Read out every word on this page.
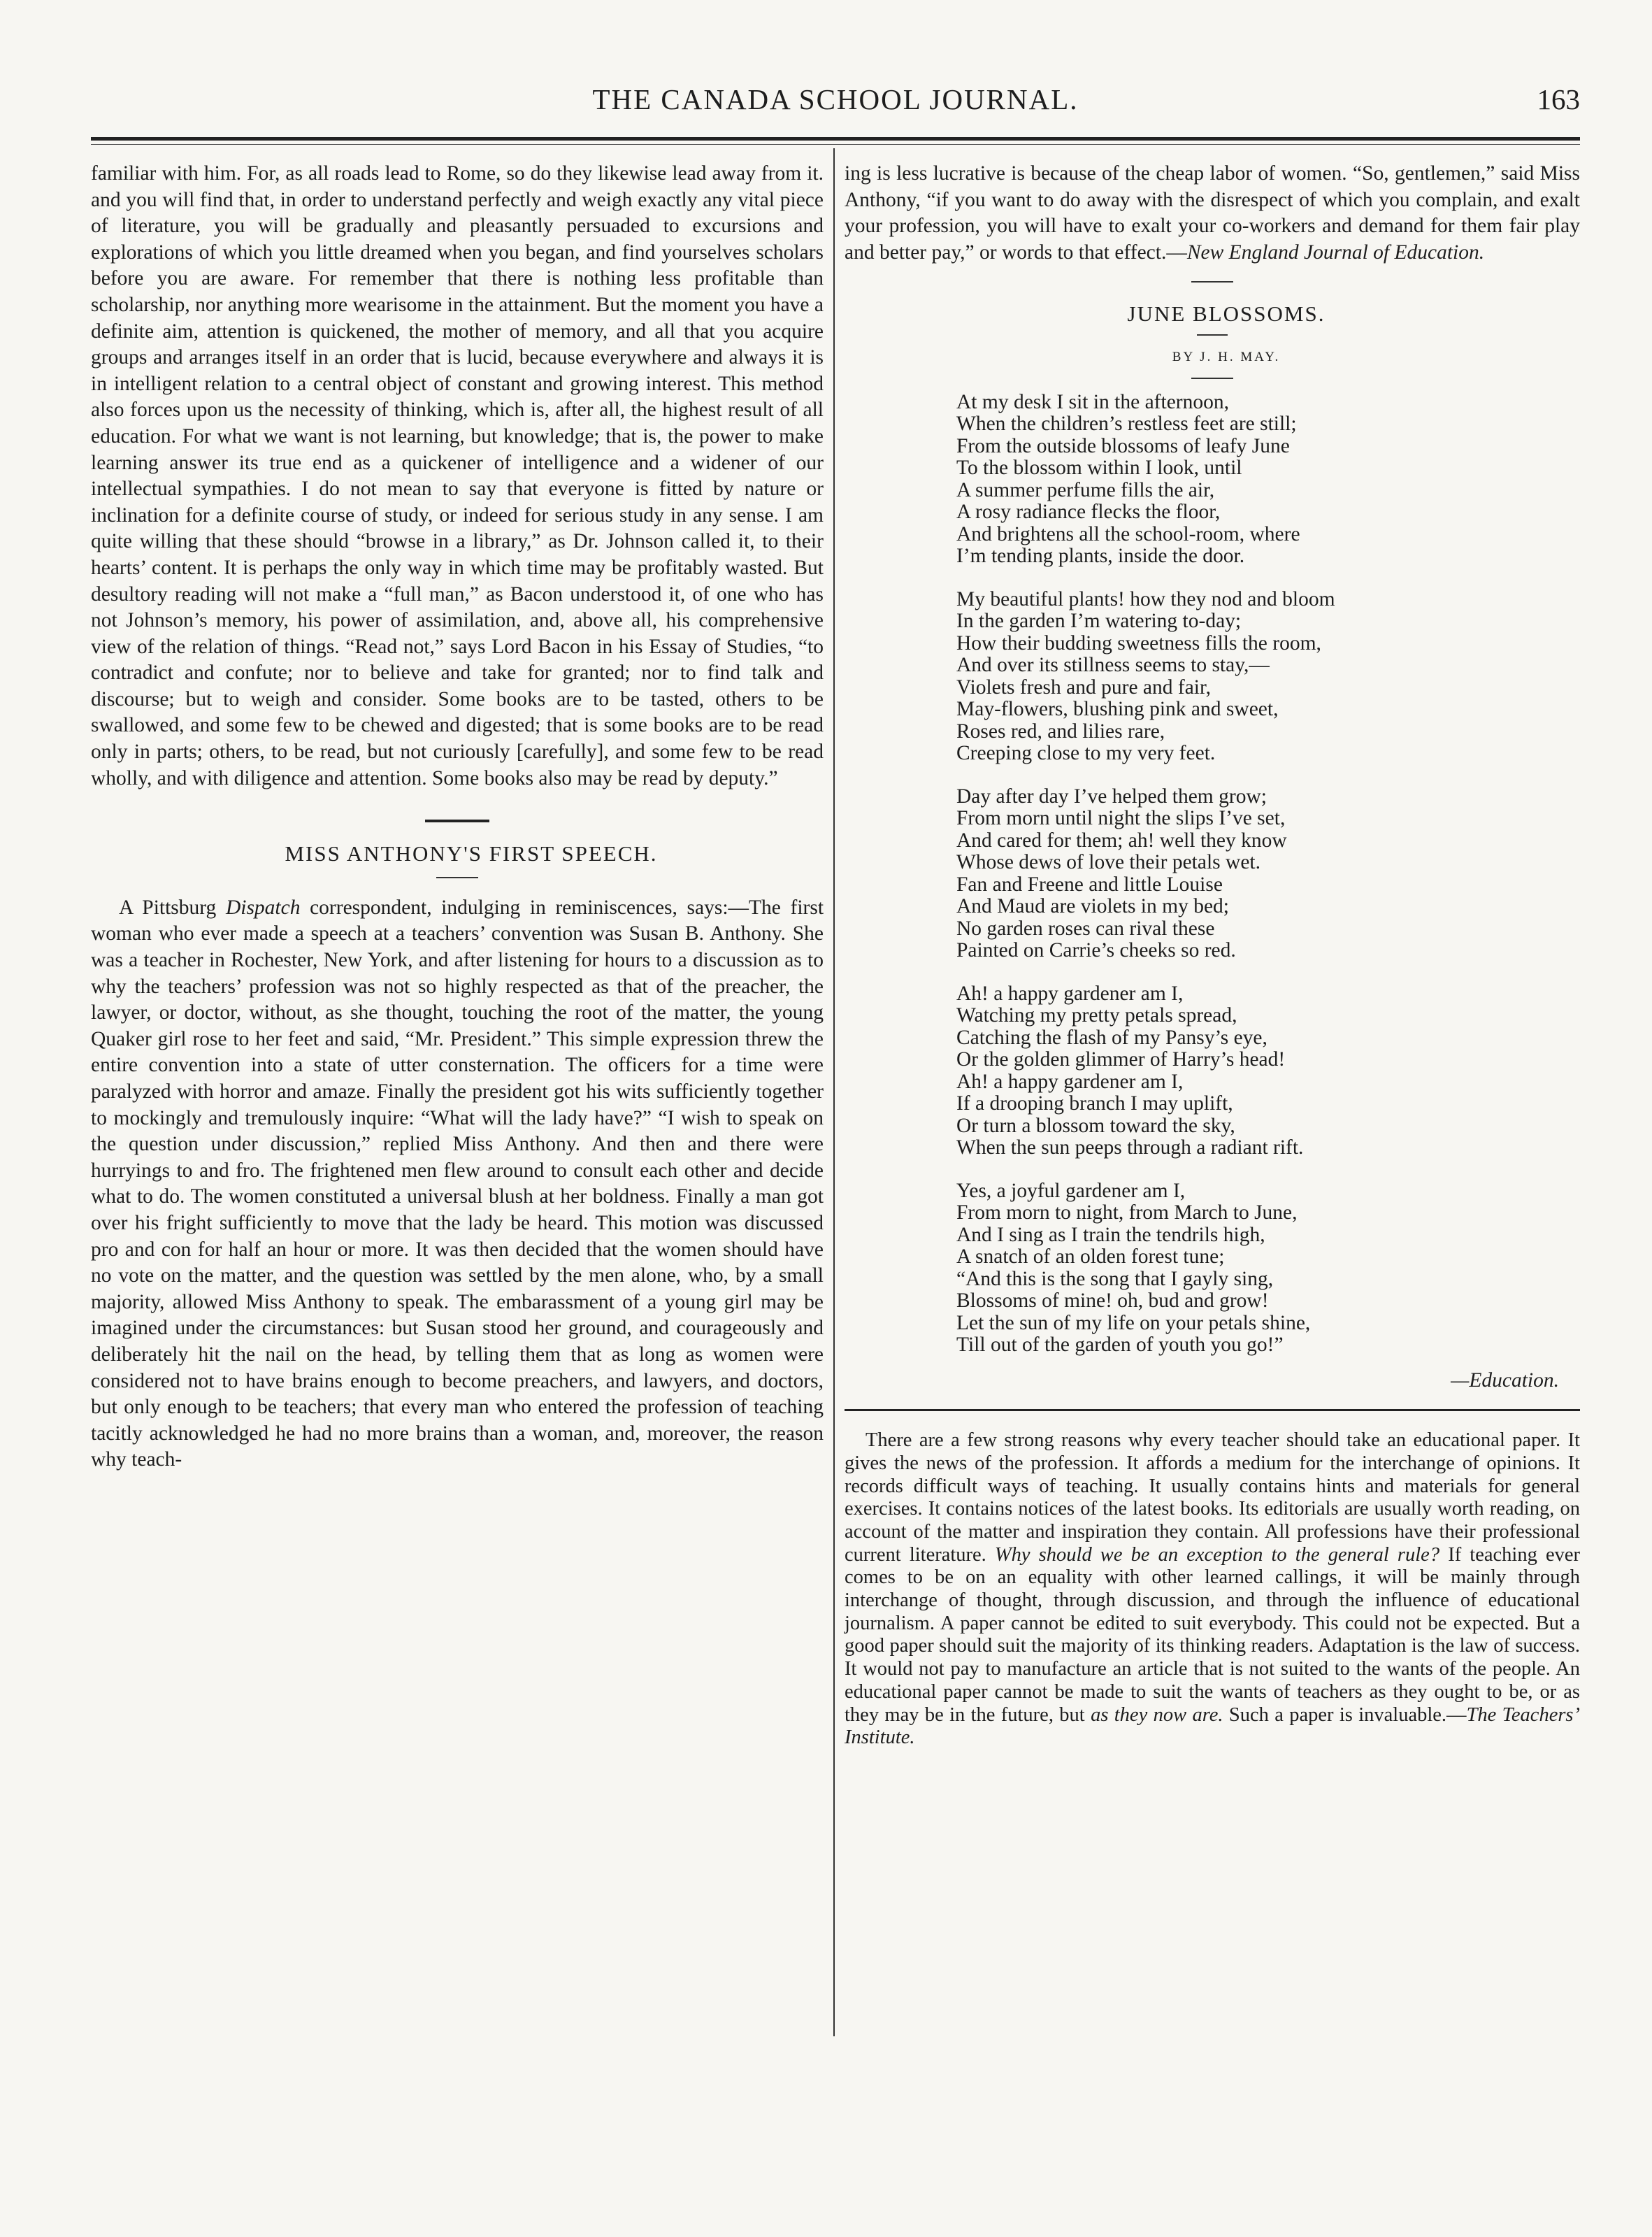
THE CANADA SCHOOL JOURNAL.	163

familiar with him. For, as all roads lead to Rome, so do they likewise lead away from it. and you will find that, in order to understand perfectly and weigh exactly any vital piece of literature, you will be gradually and pleasantly persuaded to excursions and explorations of which you little dreamed when you began, and find yourselves scholars before you are aware. For remember that there is nothing less profitable than scholarship, nor anything more wearisome in the attainment. But the moment you have a definite aim, attention is quickened, the mother of memory, and all that you acquire groups and arranges itself in an order that is lucid, because everywhere and always it is in intelligent relation to a central object of constant and growing interest. This method also forces upon us the necessity of thinking, which is, after all, the highest result of all education. For what we want is not learning, but knowledge; that is, the power to make learning answer its true end as a quickener of intelligence and a widener of our intellectual sympathies. I do not mean to say that everyone is fitted by nature or inclination for a definite course of study, or indeed for serious study in any sense. I am quite willing that these should “browse in a library,” as Dr. Johnson called it, to their hearts’ content. It is perhaps the only way in which time may be profitably wasted. But desultory reading will not make a “full man,” as Bacon understood it, of one who has not Johnson’s memory, his power of assimilation, and, above all, his comprehensive view of the relation of things. “Read not,” says Lord Bacon in his Essay of Studies, “to contradict and confute; nor to believe and take for granted; nor to find talk and discourse; but to weigh and consider. Some books are to be tasted, others to be swallowed, and some few to be chewed and digested; that is some books are to be read only in parts; others, to be read, but not curiously [carefully], and some few to be read wholly, and with diligence and attention. Some books also may be read by deputy.”

MISS ANTHONY'S FIRST SPEECH.

A Pittsburg Dispatch correspondent, indulging in reminiscences, says:—The first woman who ever made a speech at a teachers’ convention was Susan B. Anthony. She was a teacher in Rochester, New York, and after listening for hours to a discussion as to why the teachers’ profession was not so highly respected as that of the preacher, the lawyer, or doctor, without, as she thought, touching the root of the matter, the young Quaker girl rose to her feet and said, “Mr. President.” This simple expression threw the entire convention into a state of utter consternation. The officers for a time were paralyzed with horror and amaze. Finally the president got his wits sufficiently together to mockingly and tremulously inquire: “What will the lady have?” “I wish to speak on the question under discussion,” replied Miss Anthony. And then and there were hurryings to and fro. The frightened men flew around to consult each other and decide what to do. The women constituted a universal blush at her boldness. Finally a man got over his fright sufficiently to move that the lady be heard. This motion was discussed pro and con for half an hour or more. It was then decided that the women should have no vote on the matter, and the question was settled by the men alone, who, by a small majority, allowed Miss Anthony to speak. The embarassment of a young girl may be imagined under the circumstances: but Susan stood her ground, and courageously and deliberately hit the nail on the head, by telling them that as long as women were considered not to have brains enough to become preachers, and lawyers, and doctors, but only enough to be teachers; that every man who entered the profession of teaching tacitly acknowledged he had no more brains than a woman, and, moreover, the reason why teach-

ing is less lucrative is because of the cheap labor of women. “So, gentlemen,” said Miss Anthony, “if you want to do away with the disrespect of which you complain, and exalt your profession, you will have to exalt your co-workers and demand for them fair play and better pay,” or words to that effect.—New England Journal of Education.

JUNE BLOSSOMS.

BY J. H. MAY.

At my desk I sit in the afternoon,
When the children’s restless feet are still;
From the outside blossoms of leafy June
To the blossom within I look, until
A summer perfume fills the air,
A rosy radiance flecks the floor,
And brightens all the school-room, where
I’m tending plants, inside the door.
My beautiful plants! how they nod and bloom
In the garden I’m watering to-day;
How their budding sweetness fills the room,
And over its stillness seems to stay,—
Violets fresh and pure and fair,
May-flowers, blushing pink and sweet,
Roses red, and lilies rare,
Creeping close to my very feet.
Day after day I’ve helped them grow;
From morn until night the slips I’ve set,
And cared for them; ah! well they know
Whose dews of love their petals wet.
Fan and Freene and little Louise
And Maud are violets in my bed;
No garden roses can rival these
Painted on Carrie’s cheeks so red.
Ah! a happy gardener am I,
Watching my pretty petals spread,
Catching the flash of my Pansy’s eye,
Or the golden glimmer of Harry’s head!
Ah! a happy gardener am I,
If a drooping branch I may uplift,
Or turn a blossom toward the sky,
When the sun peeps through a radiant rift.
Yes, a joyful gardener am I,
From morn to night, from March to June,
And I sing as I train the tendrils high,
A snatch of an olden forest tune;
“And this is the song that I gayly sing,
Blossoms of mine! oh, bud and grow!
Let the sun of my life on your petals shine,
Till out of the garden of youth you go!”
—Education.

There are a few strong reasons why every teacher should take an educational paper. It gives the news of the profession. It affords a medium for the interchange of opinions. It records difficult ways of teaching. It usually contains hints and materials for general exercises. It contains notices of the latest books. Its editorials are usually worth reading, on account of the matter and inspiration they contain. All professions have their professional current literature. Why should we be an exception to the general rule? If teaching ever comes to be on an equality with other learned callings, it will be mainly through interchange of thought, through discussion, and through the influence of educational journalism. A paper cannot be edited to suit everybody. This could not be expected. But a good paper should suit the majority of its thinking readers. Adaptation is the law of success. It would not pay to manufacture an article that is not suited to the wants of the people. An educational paper cannot be made to suit the wants of teachers as they ought to be, or as they may be in the future, but as they now are. Such a paper is invaluable.—The Teachers’ Institute.
